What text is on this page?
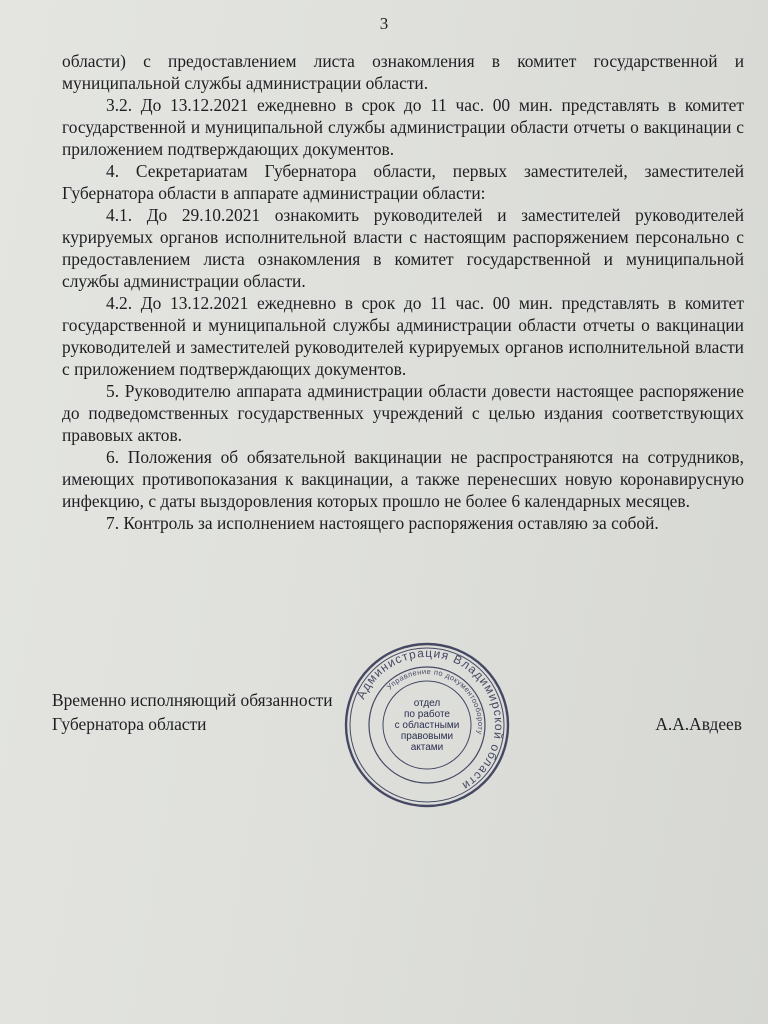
3

области) с предоставлением листа ознакомления в комитет государственной и муниципальной службы администрации области.

3.2. До 13.12.2021 ежедневно в срок до 11 час. 00 мин. представлять в комитет государственной и муниципальной службы администрации области отчеты о вакцинации с приложением подтверждающих документов.

4. Секретариатам Губернатора области, первых заместителей, заместителей Губернатора области в аппарате администрации области:

4.1. До 29.10.2021 ознакомить руководителей и заместителей руководителей курируемых органов исполнительной власти с настоящим распоряжением персонально с предоставлением листа ознакомления в комитет государственной и муниципальной службы администрации области.

4.2. До 13.12.2021 ежедневно в срок до 11 час. 00 мин. представлять в комитет государственной и муниципальной службы администрации области отчеты о вакцинации руководителей и заместителей руководителей курируемых органов исполнительной власти с приложением подтверждающих документов.

5. Руководителю аппарата администрации области довести настоящее распоряжение до подведомственных государственных учреждений с целью издания соответствующих правовых актов.

6. Положения об обязательной вакцинации не распространяются на сотрудников, имеющих противопоказания к вакцинации, а также перенесших новую коронавирусную инфекцию, с даты выздоровления которых прошло не более 6 календарных месяцев.

7. Контроль за исполнением настоящего распоряжения оставляю за собой.

Временно исполняющий обязанности
Губернатора области	А.А.Авдеев
Администрация Владимирской области
Управление по документообороту
отдел
по работе
с областными
правовыми
актами
